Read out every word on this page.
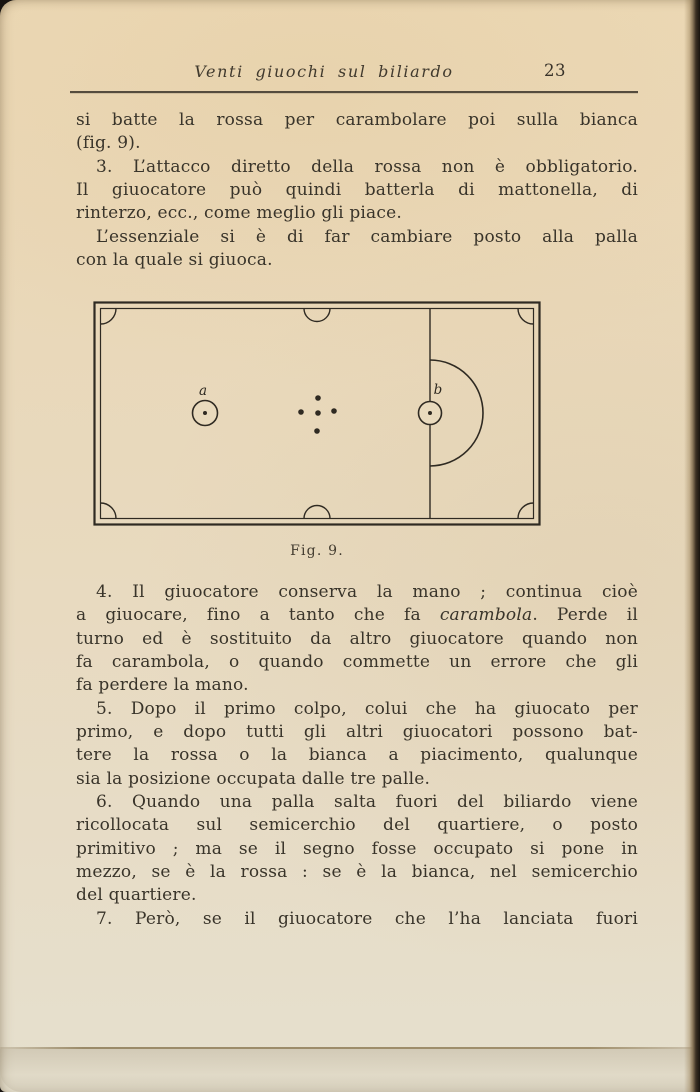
Venti giuochi sul biliardo	23
si batte la rossa per carambolare poi sulla bianca
(fig. 9).
3. L’attacco diretto della rossa non è obbligatorio.
Il giuocatore può quindi batterla di mattonella, di
rinterzo, ecc., come meglio gli piace.
L’essenziale si è di far cambiare posto alla palla
con la quale si giuoca.
a	b
Fig. 9.
4. Il giuocatore conserva la mano ; continua cioè
a giuocare, fino a tanto che fa carambola. Perde il
turno ed è sostituito da altro giuocatore quando non
fa carambola, o quando commette un errore che gli
fa perdere la mano.
5. Dopo il primo colpo, colui che ha giuocato per
primo, e dopo tutti gli altri giuocatori possono bat-
tere la rossa o la bianca a piacimento, qualunque
sia la posizione occupata dalle tre palle.
6. Quando una palla salta fuori del biliardo viene
ricollocata sul semicerchio del quartiere, o posto
primitivo ; ma se il segno fosse occupato si pone in
mezzo, se è la rossa : se è la bianca, nel semicerchio
del quartiere.
7. Però, se il giuocatore che l’ha lanciata fuori
